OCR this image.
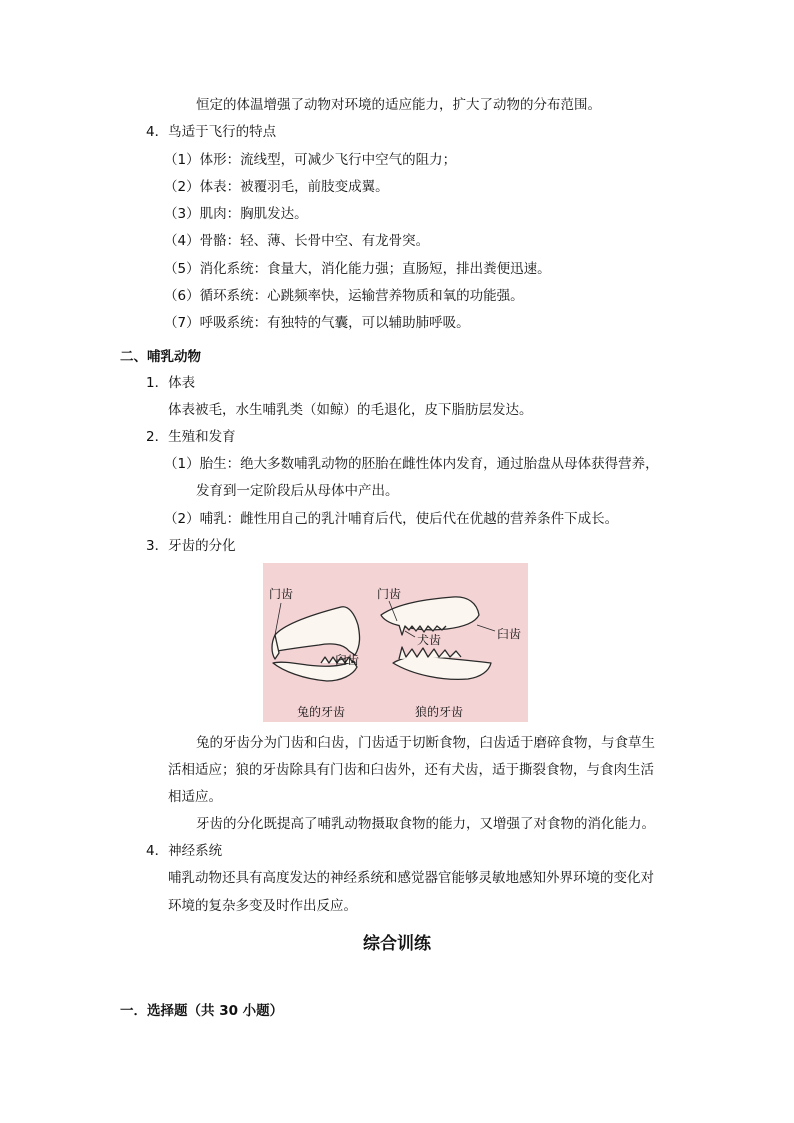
恒定的体温增强了动物对环境的适应能力，扩大了动物的分布范围。
4．鸟适于飞行的特点
（1）体形：流线型，可减少飞行中空气的阻力；
（2）体表：被覆羽毛，前肢变成翼。
（3）肌肉：胸肌发达。
（4）骨骼：轻、薄、长骨中空、有龙骨突。
（5）消化系统：食量大，消化能力强；直肠短，排出粪便迅速。
（6）循环系统：心跳频率快，运输营养物质和氧的功能强。
（7）呼吸系统：有独特的气囊，可以辅助肺呼吸。
二、哺乳动物
1．体表
体表被毛，水生哺乳类（如鲸）的毛退化，皮下脂肪层发达。
2．生殖和发育
（1）胎生：绝大多数哺乳动物的胚胎在雌性体内发育，通过胎盘从母体获得营养，
发育到一定阶段后从母体中产出。
（2）哺乳：雌性用自己的乳汁哺育后代，使后代在优越的营养条件下成长。
3．牙齿的分化
门齿
臼齿
兔的牙齿
门齿
犬齿	臼齿
狼的牙齿
兔的牙齿分为门齿和臼齿，门齿适于切断食物，臼齿适于磨碎食物，与食草生
活相适应；狼的牙齿除具有门齿和臼齿外，还有犬齿，适于撕裂食物，与食肉生活
相适应。
牙齿的分化既提高了哺乳动物摄取食物的能力，又增强了对食物的消化能力。
4．神经系统
哺乳动物还具有高度发达的神经系统和感觉器官能够灵敏地感知外界环境的变化对
环境的复杂多变及时作出反应。
综合训练
一．选择题（共 30 小题）
